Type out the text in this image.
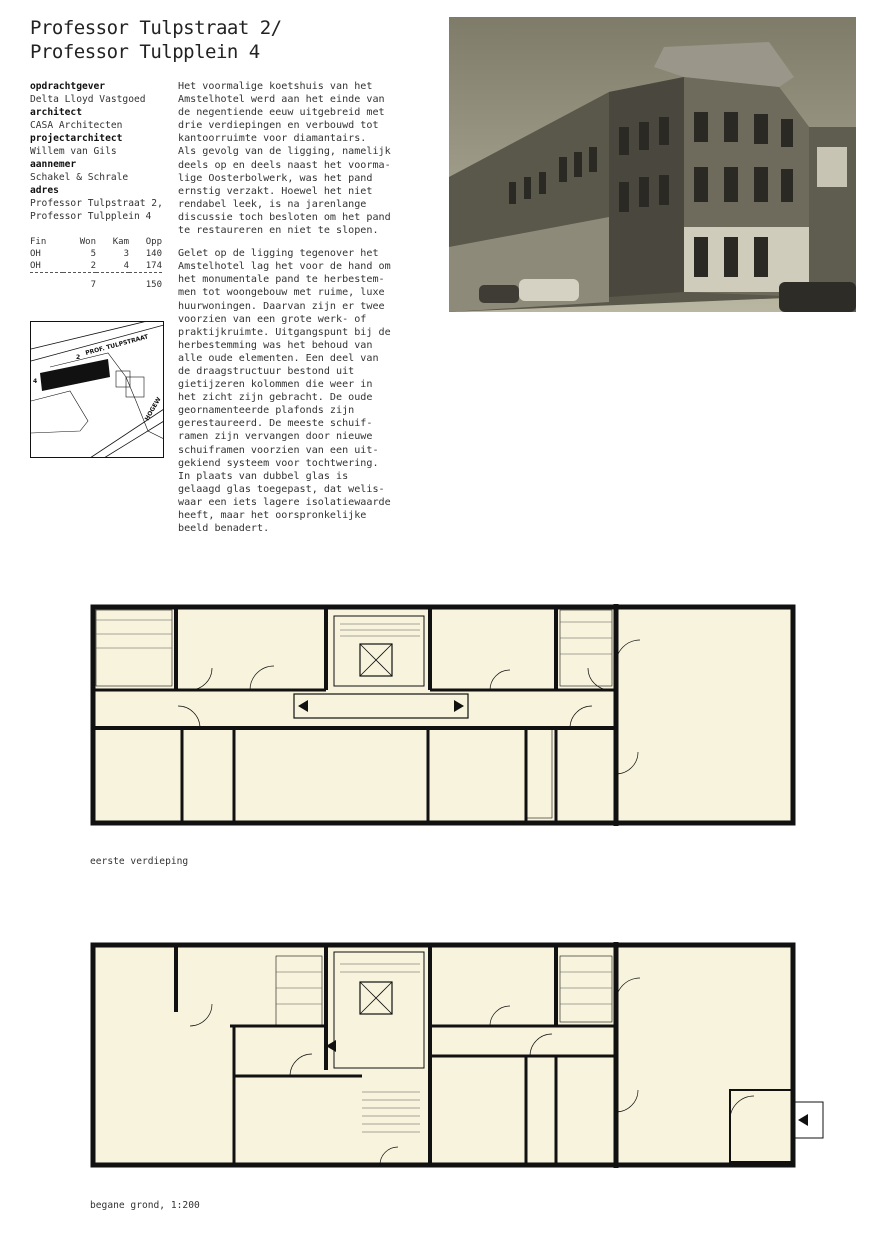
Professor Tulpstraat 2/
Professor Tulpplein 4
opdrachtgever
Delta Lloyd Vastgoed
architect
CASA Architecten
projectarchitect
Willem van Gils
aannemer
Schakel & Schrale
adres
Professor Tulpstraat 2,
Professor Tulpplein 4
Fin	Won	Kam	Opp
OH	5	3	140
OH	2	4	174

	7		150
PROF. TULPSTRAAT
2
4
HOGEW

Het voormalige koetshuis van het
Amstelhotel werd aan het einde van
de negentiende eeuw uitgebreid met
drie verdiepingen en verbouwd tot
kantoorruimte voor diamantairs.
Als gevolg van de ligging, namelijk
deels op en deels naast het voorma-
lige Oosterbolwerk, was het pand
ernstig verzakt. Hoewel het niet
rendabel leek, is na jarenlange
discussie toch besloten om het pand
te restaureren en niet te slopen.

Gelet op de ligging tegenover het
Amstelhotel lag het voor de hand om
het monumentale pand te herbestem-
men tot woongebouw met ruime, luxe
huurwoningen. Daarvan zijn er twee
voorzien van een grote werk- of
praktijkruimte. Uitgangspunt bij de
herbestemming was het behoud van
alle oude elementen. Een deel van
de draagstructuur bestond uit
gietijzeren kolommen die weer in
het zicht zijn gebracht. De oude
geornamenteerde plafonds zijn
gerestaureerd. De meeste schuif-
ramen zijn vervangen door nieuwe
schuiframen voorzien van een uit-
gekiend systeem voor tochtwering.
In plaats van dubbel glas is
gelaagd glas toegepast, dat welis-
waar een iets lagere isolatiewaarde
heeft, maar het oorspronkelijke
beeld benadert.

eerste verdieping
begane grond, 1:200
